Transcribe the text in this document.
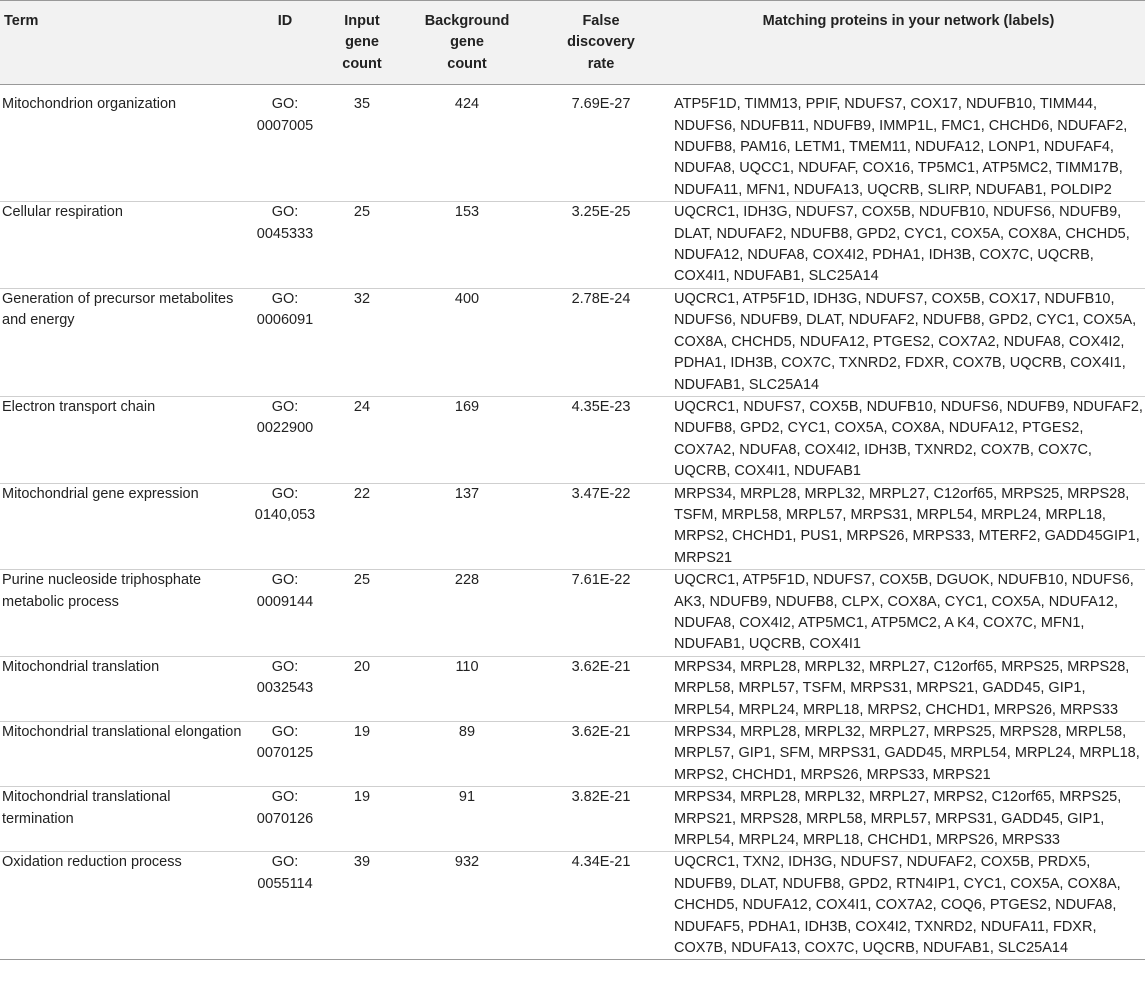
Term	ID	Input
gene
count	Background
gene
count	False
discovery
rate	Matching proteins in your network (labels)
Mitochondrion organization	GO:
0007005	35	424	7.69E-27	ATP5F1D, TIMM13, PPIF, NDUFS7, COX17, NDUFB10, TIMM44, NDUFS6, NDUFB11, NDUFB9, IMMP1L, FMC1, CHCHD6, NDUFAF2, NDUFB8, PAM16, LETM1, TMEM11, NDUFA12, LONP1, NDUFAF4, NDUFA8, UQCC1, NDUFAF, COX16, TP5MC1, ATP5MC2, TIMM17B, NDUFA11, MFN1, NDUFA13, UQCRB, SLIRP, NDUFAB1, POLDIP2
Cellular respiration	GO:
0045333	25	153	3.25E-25	UQCRC1, IDH3G, NDUFS7, COX5B, NDUFB10, NDUFS6, NDUFB9, DLAT, NDUFAF2, NDUFB8, GPD2, CYC1, COX5A, COX8A, CHCHD5, NDUFA12, NDUFA8, COX4I2, PDHA1, IDH3B, COX7C, UQCRB, COX4I1, NDUFAB1, SLC25A14
Generation of precursor metabolites and energy	GO:
0006091	32	400	2.78E-24	UQCRC1, ATP5F1D, IDH3G, NDUFS7, COX5B, COX17, NDUFB10, NDUFS6, NDUFB9, DLAT, NDUFAF2, NDUFB8, GPD2, CYC1, COX5A, COX8A, CHCHD5, NDUFA12, PTGES2, COX7A2, NDUFA8, COX4I2, PDHA1, IDH3B, COX7C, TXNRD2, FDXR, COX7B, UQCRB, COX4I1, NDUFAB1, SLC25A14
Electron transport chain	GO:
0022900	24	169	4.35E-23	UQCRC1, NDUFS7, COX5B, NDUFB10, NDUFS6, NDUFB9, NDUFAF2, NDUFB8, GPD2, CYC1, COX5A, COX8A, NDUFA12, PTGES2, COX7A2, NDUFA8, COX4I2, IDH3B, TXNRD2, COX7B, COX7C, UQCRB, COX4I1, NDUFAB1
Mitochondrial gene expression	GO:
0140,053	22	137	3.47E-22	MRPS34, MRPL28, MRPL32, MRPL27, C12orf65, MRPS25, MRPS28, TSFM, MRPL58, MRPL57, MRPS31, MRPL54, MRPL24, MRPL18, MRPS2, CHCHD1, PUS1, MRPS26, MRPS33, MTERF2, GADD45GIP1, MRPS21
Purine nucleoside triphosphate metabolic process	GO:
0009144	25	228	7.61E-22	UQCRC1, ATP5F1D, NDUFS7, COX5B, DGUOK, NDUFB10, NDUFS6, AK3, NDUFB9, NDUFB8, CLPX, COX8A, CYC1, COX5A, NDUFA12, NDUFA8, COX4I2, ATP5MC1, ATP5MC2, A K4, COX7C, MFN1, NDUFAB1, UQCRB, COX4I1
Mitochondrial translation	GO:
0032543	20	110	3.62E-21	MRPS34, MRPL28, MRPL32, MRPL27, C12orf65, MRPS25, MRPS28, MRPL58, MRPL57, TSFM, MRPS31, MRPS21, GADD45, GIP1, MRPL54, MRPL24, MRPL18, MRPS2, CHCHD1, MRPS26, MRPS33
Mitochondrial translational elongation	GO:
0070125	19	89	3.62E-21	MRPS34, MRPL28, MRPL32, MRPL27, MRPS25, MRPS28, MRPL58, MRPL57, GIP1, SFM, MRPS31, GADD45, MRPL54, MRPL24, MRPL18, MRPS2, CHCHD1, MRPS26, MRPS33, MRPS21
Mitochondrial translational termination	GO:
0070126	19	91	3.82E-21	MRPS34, MRPL28, MRPL32, MRPL27, MRPS2, C12orf65, MRPS25, MRPS21, MRPS28, MRPL58, MRPL57, MRPS31, GADD45, GIP1, MRPL54, MRPL24, MRPL18, CHCHD1, MRPS26, MRPS33
Oxidation reduction process	GO:
0055114	39	932	4.34E-21	UQCRC1, TXN2, IDH3G, NDUFS7, NDUFAF2, COX5B, PRDX5, NDUFB9, DLAT, NDUFB8, GPD2, RTN4IP1, CYC1, COX5A, COX8A, CHCHD5, NDUFA12, COX4I1, COX7A2, COQ6, PTGES2, NDUFA8, NDUFAF5, PDHA1, IDH3B, COX4I2, TXNRD2, NDUFA11, FDXR, COX7B, NDUFA13, COX7C, UQCRB, NDUFAB1, SLC25A14
